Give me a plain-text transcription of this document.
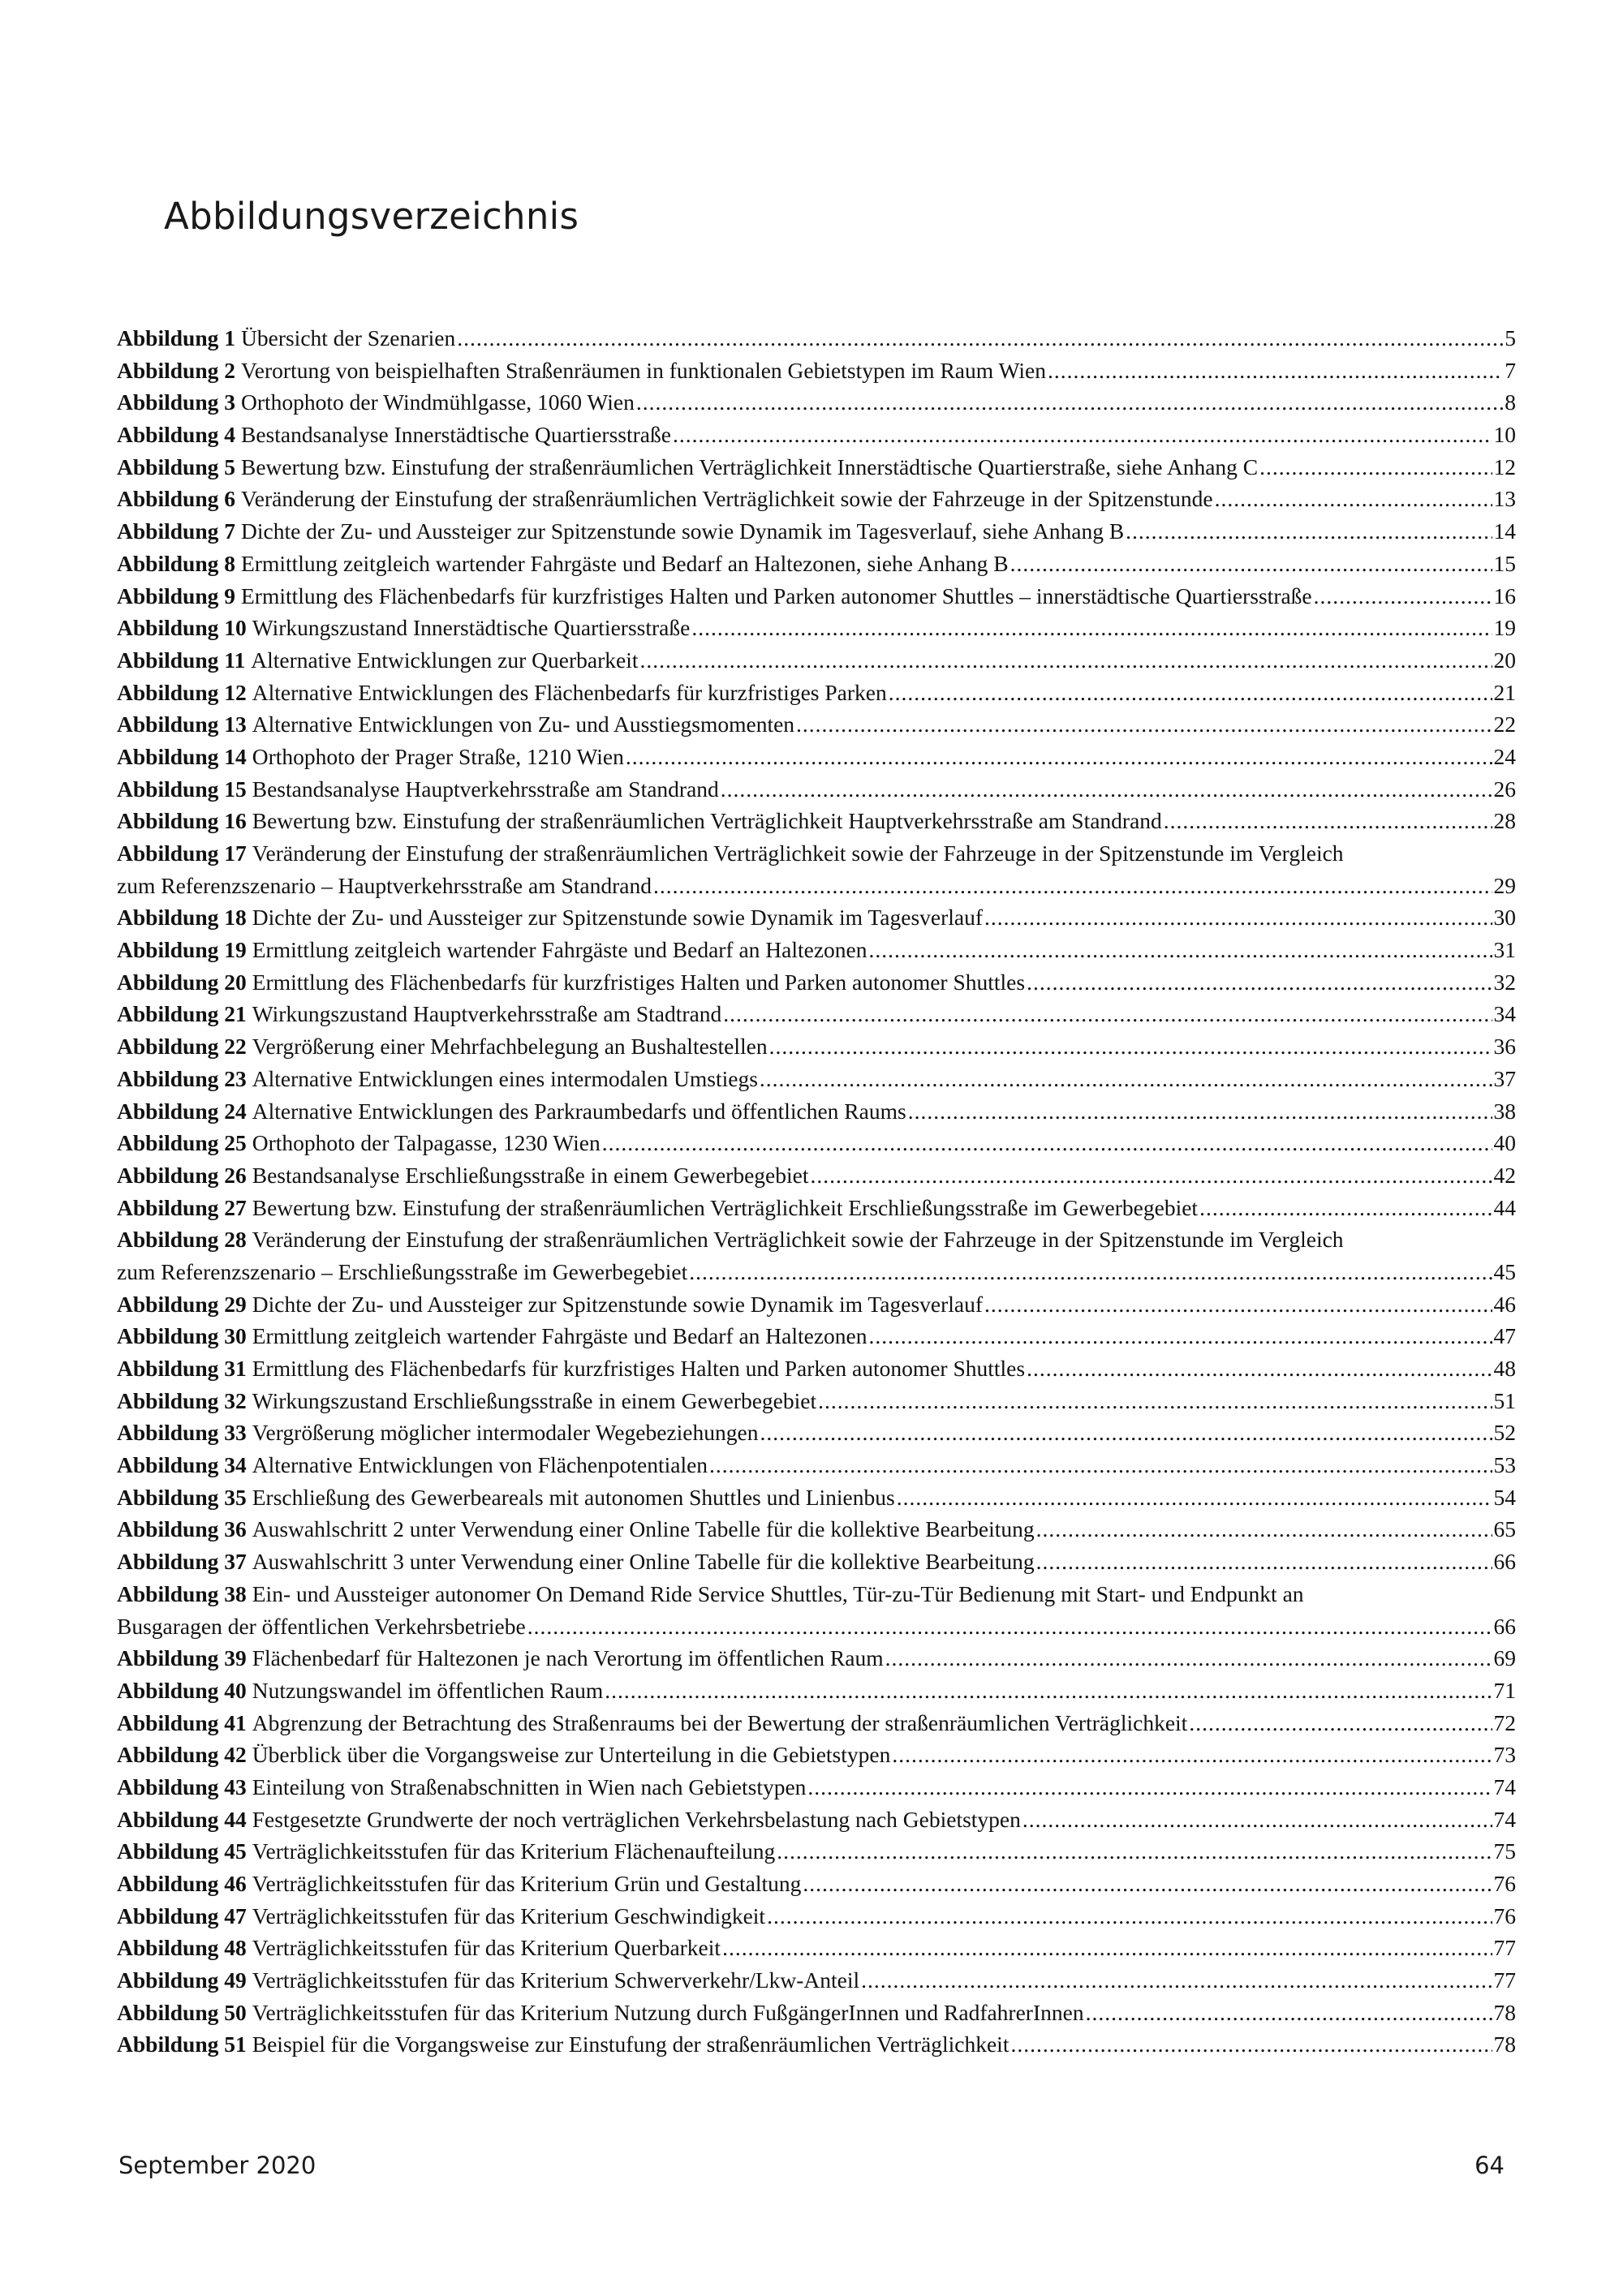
Abbildungsverzeichnis
Abbildung 1 Übersicht der Szenarien .....	5
Abbildung 2 Verortung von beispielhaften Straßenräumen in funktionalen Gebietstypen im Raum Wien .....	7
Abbildung 3 Orthophoto der Windmühlgasse, 1060 Wien .....	8
Abbildung 4 Bestandsanalyse Innerstädtische Quartiersstraße .....	10
Abbildung 5 Bewertung bzw. Einstufung der straßenräumlichen Verträglichkeit Innerstädtische Quartierstraße, siehe Anhang C .....	12
Abbildung 6 Veränderung der Einstufung der straßenräumlichen Verträglichkeit sowie der Fahrzeuge in der Spitzenstunde .....	13
Abbildung 7 Dichte der Zu- und Aussteiger zur Spitzenstunde sowie Dynamik im Tagesverlauf, siehe Anhang B .....	14
Abbildung 8 Ermittlung zeitgleich wartender Fahrgäste und Bedarf an Haltezonen, siehe Anhang B .....	15
Abbildung 9 Ermittlung des Flächenbedarfs für kurzfristiges Halten und Parken autonomer Shuttles – innerstädtische Quartiersstraße .....	16
Abbildung 10 Wirkungszustand Innerstädtische Quartiersstraße .....	19
Abbildung 11 Alternative Entwicklungen zur Querbarkeit .....	20
Abbildung 12 Alternative Entwicklungen des Flächenbedarfs für kurzfristiges Parken .....	21
Abbildung 13 Alternative Entwicklungen von Zu- und Ausstiegsmomenten .....	22
Abbildung 14 Orthophoto der Prager Straße, 1210 Wien .....	24
Abbildung 15 Bestandsanalyse Hauptverkehrsstraße am Standrand .....	26
Abbildung 16 Bewertung bzw. Einstufung der straßenräumlichen Verträglichkeit Hauptverkehrsstraße am Standrand .....	28
Abbildung 17 Veränderung der Einstufung der straßenräumlichen Verträglichkeit sowie der Fahrzeuge in der Spitzenstunde im Vergleich
zum Referenzszenario – Hauptverkehrsstraße am Standrand .....	29
Abbildung 18 Dichte der Zu- und Aussteiger zur Spitzenstunde sowie Dynamik im Tagesverlauf .....	30
Abbildung 19 Ermittlung zeitgleich wartender Fahrgäste und Bedarf an Haltezonen .....	31
Abbildung 20 Ermittlung des Flächenbedarfs für kurzfristiges Halten und Parken autonomer Shuttles .....	32
Abbildung 21 Wirkungszustand Hauptverkehrsstraße am Stadtrand .....	34
Abbildung 22 Vergrößerung einer Mehrfachbelegung an Bushaltestellen .....	36
Abbildung 23 Alternative Entwicklungen eines intermodalen Umstiegs .....	37
Abbildung 24 Alternative Entwicklungen des Parkraumbedarfs und öffentlichen Raums .....	38
Abbildung 25 Orthophoto der Talpagasse, 1230 Wien .....	40
Abbildung 26 Bestandsanalyse Erschließungsstraße in einem Gewerbegebiet .....	42
Abbildung 27 Bewertung bzw. Einstufung der straßenräumlichen Verträglichkeit Erschließungsstraße im Gewerbegebiet .....	44
Abbildung 28 Veränderung der Einstufung der straßenräumlichen Verträglichkeit sowie der Fahrzeuge in der Spitzenstunde im Vergleich
zum Referenzszenario – Erschließungsstraße im Gewerbegebiet .....	45
Abbildung 29 Dichte der Zu- und Aussteiger zur Spitzenstunde sowie Dynamik im Tagesverlauf .....	46
Abbildung 30 Ermittlung zeitgleich wartender Fahrgäste und Bedarf an Haltezonen .....	47
Abbildung 31 Ermittlung des Flächenbedarfs für kurzfristiges Halten und Parken autonomer Shuttles .....	48
Abbildung 32 Wirkungszustand Erschließungsstraße in einem Gewerbegebiet .....	51
Abbildung 33 Vergrößerung möglicher intermodaler Wegebeziehungen .....	52
Abbildung 34 Alternative Entwicklungen von Flächenpotentialen .....	53
Abbildung 35 Erschließung des Gewerbeareals mit autonomen Shuttles und Linienbus .....	54
Abbildung 36 Auswahlschritt 2 unter Verwendung einer Online Tabelle für die kollektive Bearbeitung .....	65
Abbildung 37 Auswahlschritt 3 unter Verwendung einer Online Tabelle für die kollektive Bearbeitung .....	66
Abbildung 38 Ein- und Aussteiger autonomer On Demand Ride Service Shuttles, Tür-zu-Tür Bedienung mit Start- und Endpunkt an
Busgaragen der öffentlichen Verkehrsbetriebe .....	66
Abbildung 39 Flächenbedarf für Haltezonen je nach Verortung im öffentlichen Raum .....	69
Abbildung 40 Nutzungswandel im öffentlichen Raum .....	71
Abbildung 41 Abgrenzung der Betrachtung des Straßenraums bei der Bewertung der straßenräumlichen Verträglichkeit .....	72
Abbildung 42 Überblick über die Vorgangsweise zur Unterteilung in die Gebietstypen .....	73
Abbildung 43 Einteilung von Straßenabschnitten in Wien nach Gebietstypen .....	74
Abbildung 44 Festgesetzte Grundwerte der noch verträglichen Verkehrsbelastung nach Gebietstypen .....	74
Abbildung 45 Verträglichkeitsstufen für das Kriterium Flächenaufteilung .....	75
Abbildung 46 Verträglichkeitsstufen für das Kriterium Grün und Gestaltung .....	76
Abbildung 47 Verträglichkeitsstufen für das Kriterium Geschwindigkeit .....	76
Abbildung 48 Verträglichkeitsstufen für das Kriterium Querbarkeit .....	77
Abbildung 49 Verträglichkeitsstufen für das Kriterium Schwerverkehr/Lkw-Anteil .....	77
Abbildung 50 Verträglichkeitsstufen für das Kriterium Nutzung durch FußgängerInnen und RadfahrerInnen .....	78
Abbildung 51 Beispiel für die Vorgangsweise zur Einstufung der straßenräumlichen Verträglichkeit .....	78
September 2020	64
